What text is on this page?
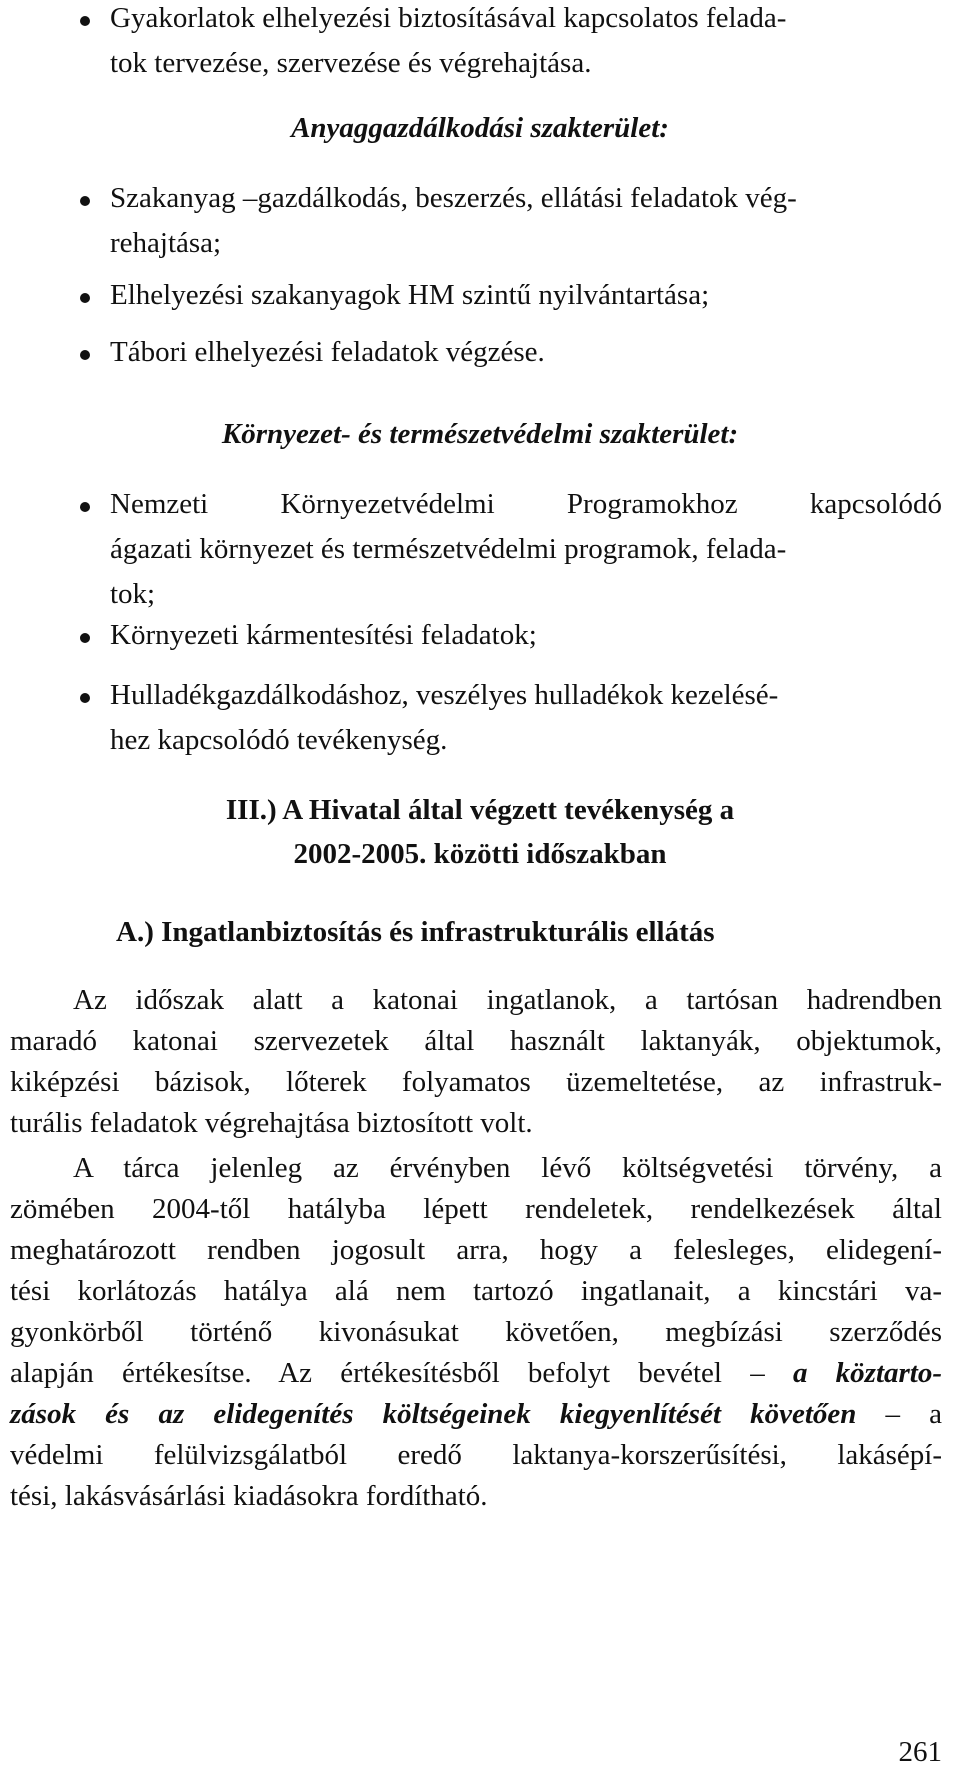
Gyakorlatok elhelyezési biztosításával kapcsolatos felada-
tok tervezése, szervezése és végrehajtása.
Anyaggazdálkodási szakterület:
Szakanyag –gazdálkodás, beszerzés, ellátási feladatok vég-
rehajtása;
Elhelyezési szakanyagok HM szintű nyilvántartása;
Tábori elhelyezési feladatok végzése.
Környezet- és természetvédelmi szakterület:
Nemzeti Környezetvédelmi Programokhoz kapcsolódó
ágazati környezet és természetvédelmi programok, felada-
tok;
Környezeti kármentesítési feladatok;
Hulladékgazdálkodáshoz, veszélyes hulladékok kezelésé-
hez kapcsolódó tevékenység.
III.) A Hivatal által végzett tevékenység a
2002-2005. közötti időszakban
A.) Ingatlanbiztosítás és infrastrukturális ellátás
Az időszak alatt a katonai ingatlanok, a tartósan hadrendben
maradó katonai szervezetek által használt laktanyák, objektumok,
kiképzési bázisok, lőterek folyamatos üzemeltetése, az infrastruk-
turális feladatok végrehajtása biztosított volt.
A tárca jelenleg az érvényben lévő költségvetési törvény, a
zömében 2004-től hatályba lépett rendeletek, rendelkezések által
meghatározott rendben jogosult arra, hogy a felesleges, elidegení-
tési korlátozás hatálya alá nem tartozó ingatlanait, a kincstári va-
gyonkörből történő kivonásukat követően, megbízási szerződés
alapján értékesítse. Az értékesítésből befolyt bevétel – a köztarto-
zások és az elidegenítés költségeinek kiegyenlítését követően – a
védelmi felülvizsgálatból eredő laktanya-korszerűsítési, lakásépí-
tési, lakásvásárlási kiadásokra fordítható.
261
